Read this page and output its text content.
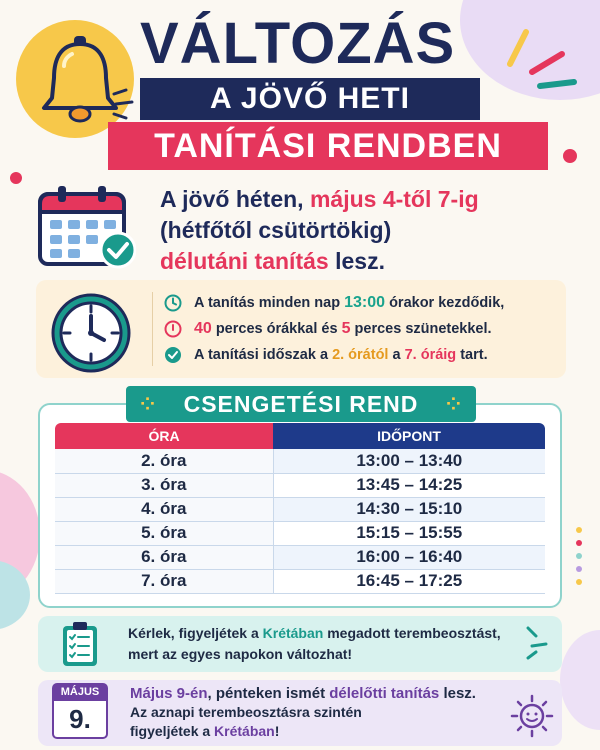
VÁLTOZÁS
A JÖVŐ HETI
TANÍTÁSI RENDBEN
A jövő héten, május 4-től 7-ig
(hétfőtől csütörtökig)
délutáni tanítás lesz.
A tanítás minden nap 13:00 órakor kezdődik,
40 perces órákkal és 5 perces szünetekkel.
A tanítási időszak a 2. órától a 7. óráig tart.
⁘ CSENGETÉSI REND ⁘
ÓRA	IDŐPONT
2. óra	13:00 – 13:40
3. óra	13:45 – 14:25
4. óra	14:30 – 15:10
5. óra	15:15 – 15:55
6. óra	16:00 – 16:40
7. óra	16:45 – 17:25
Kérlek, figyeljétek a Krétában megadott terembeosztást, mert az egyes napokon változhat!
MÁJUS
9.
Május 9-én, pénteken ismét délelőtti tanítás lesz.
Az aznapi terembeosztásra szintén
figyeljétek a Krétában!
